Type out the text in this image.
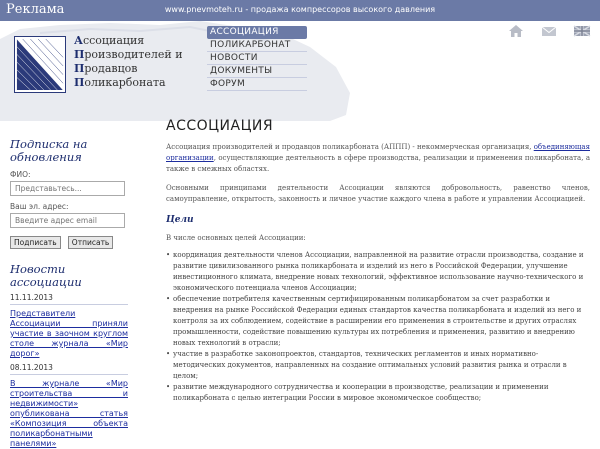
Реклама	www.pnevmoteh.ru - продажа компрессоров высокого давления
Ассоциация
Производителей и
Продавцов
Поликарбоната
АССОЦИАЦИЯ
ПОЛИКАРБОНАТ
НОВОСТИ
ДОКУМЕНТЫ
ФОРУМ

Подписка на обновления
ФИО:
Представьтесь...
Ваш эл. адрес:
Введите адрес email
Подписать Отписать
Новости ассоциации
11.11.2013
Представители Ассоциации приняли участие в заочном круглом столе журнала «Мир дорог»
08.11.2013
В журнале «Мир строительства и недвижимости» опубликована статья «Композиция объекта поликарбонатными панелями»
АССОЦИАЦИЯ

Ассоциация производителей и продавцов поликарбоната (АППП) - некоммерческая организация, объединяющая организации, осуществляющие деятельность в сфере производства, реализации и применения поликарбоната, а также в смежных областях.

Основными принципами деятельности Ассоциации являются добровольность, равенство членов, самоуправление, открытость, законность и личное участие каждого члена в работе и управлении Ассоциацией.

Цели

В числе основных целей Ассоциации:

• координация деятельности членов Ассоциации, направленной на развитие отрасли производства, создание и развитие цивилизованного рынка поликарбоната и изделий из него в Российской Федерации, улучшение инвестиционного климата, внедрение новых технологий, эффективное использование научно-технического и экономического потенциала членов Ассоциации;
• обеспечение потребителя качественным сертифицированным поликарбонатом за счет разработки и внедрения на рынке Российской Федерации единых стандартов качества поликарбоната и изделий из него и контроля за их соблюдением, содействие в расширении его применения в строительстве и других отраслях промышленности, содействие повышению культуры их потребления и применения, развитию и внедрению новых технологий в отрасли;
• участие в разработке законопроектов, стандартов, технических регламентов и иных нормативно-методических документов, направленных на создание оптимальных условий развития рынка и отрасли в целом;
• развитие международного сотрудничества и кооперации в производстве, реализации и применении поликарбоната с целью интеграции России в мировое экономическое сообщество;
